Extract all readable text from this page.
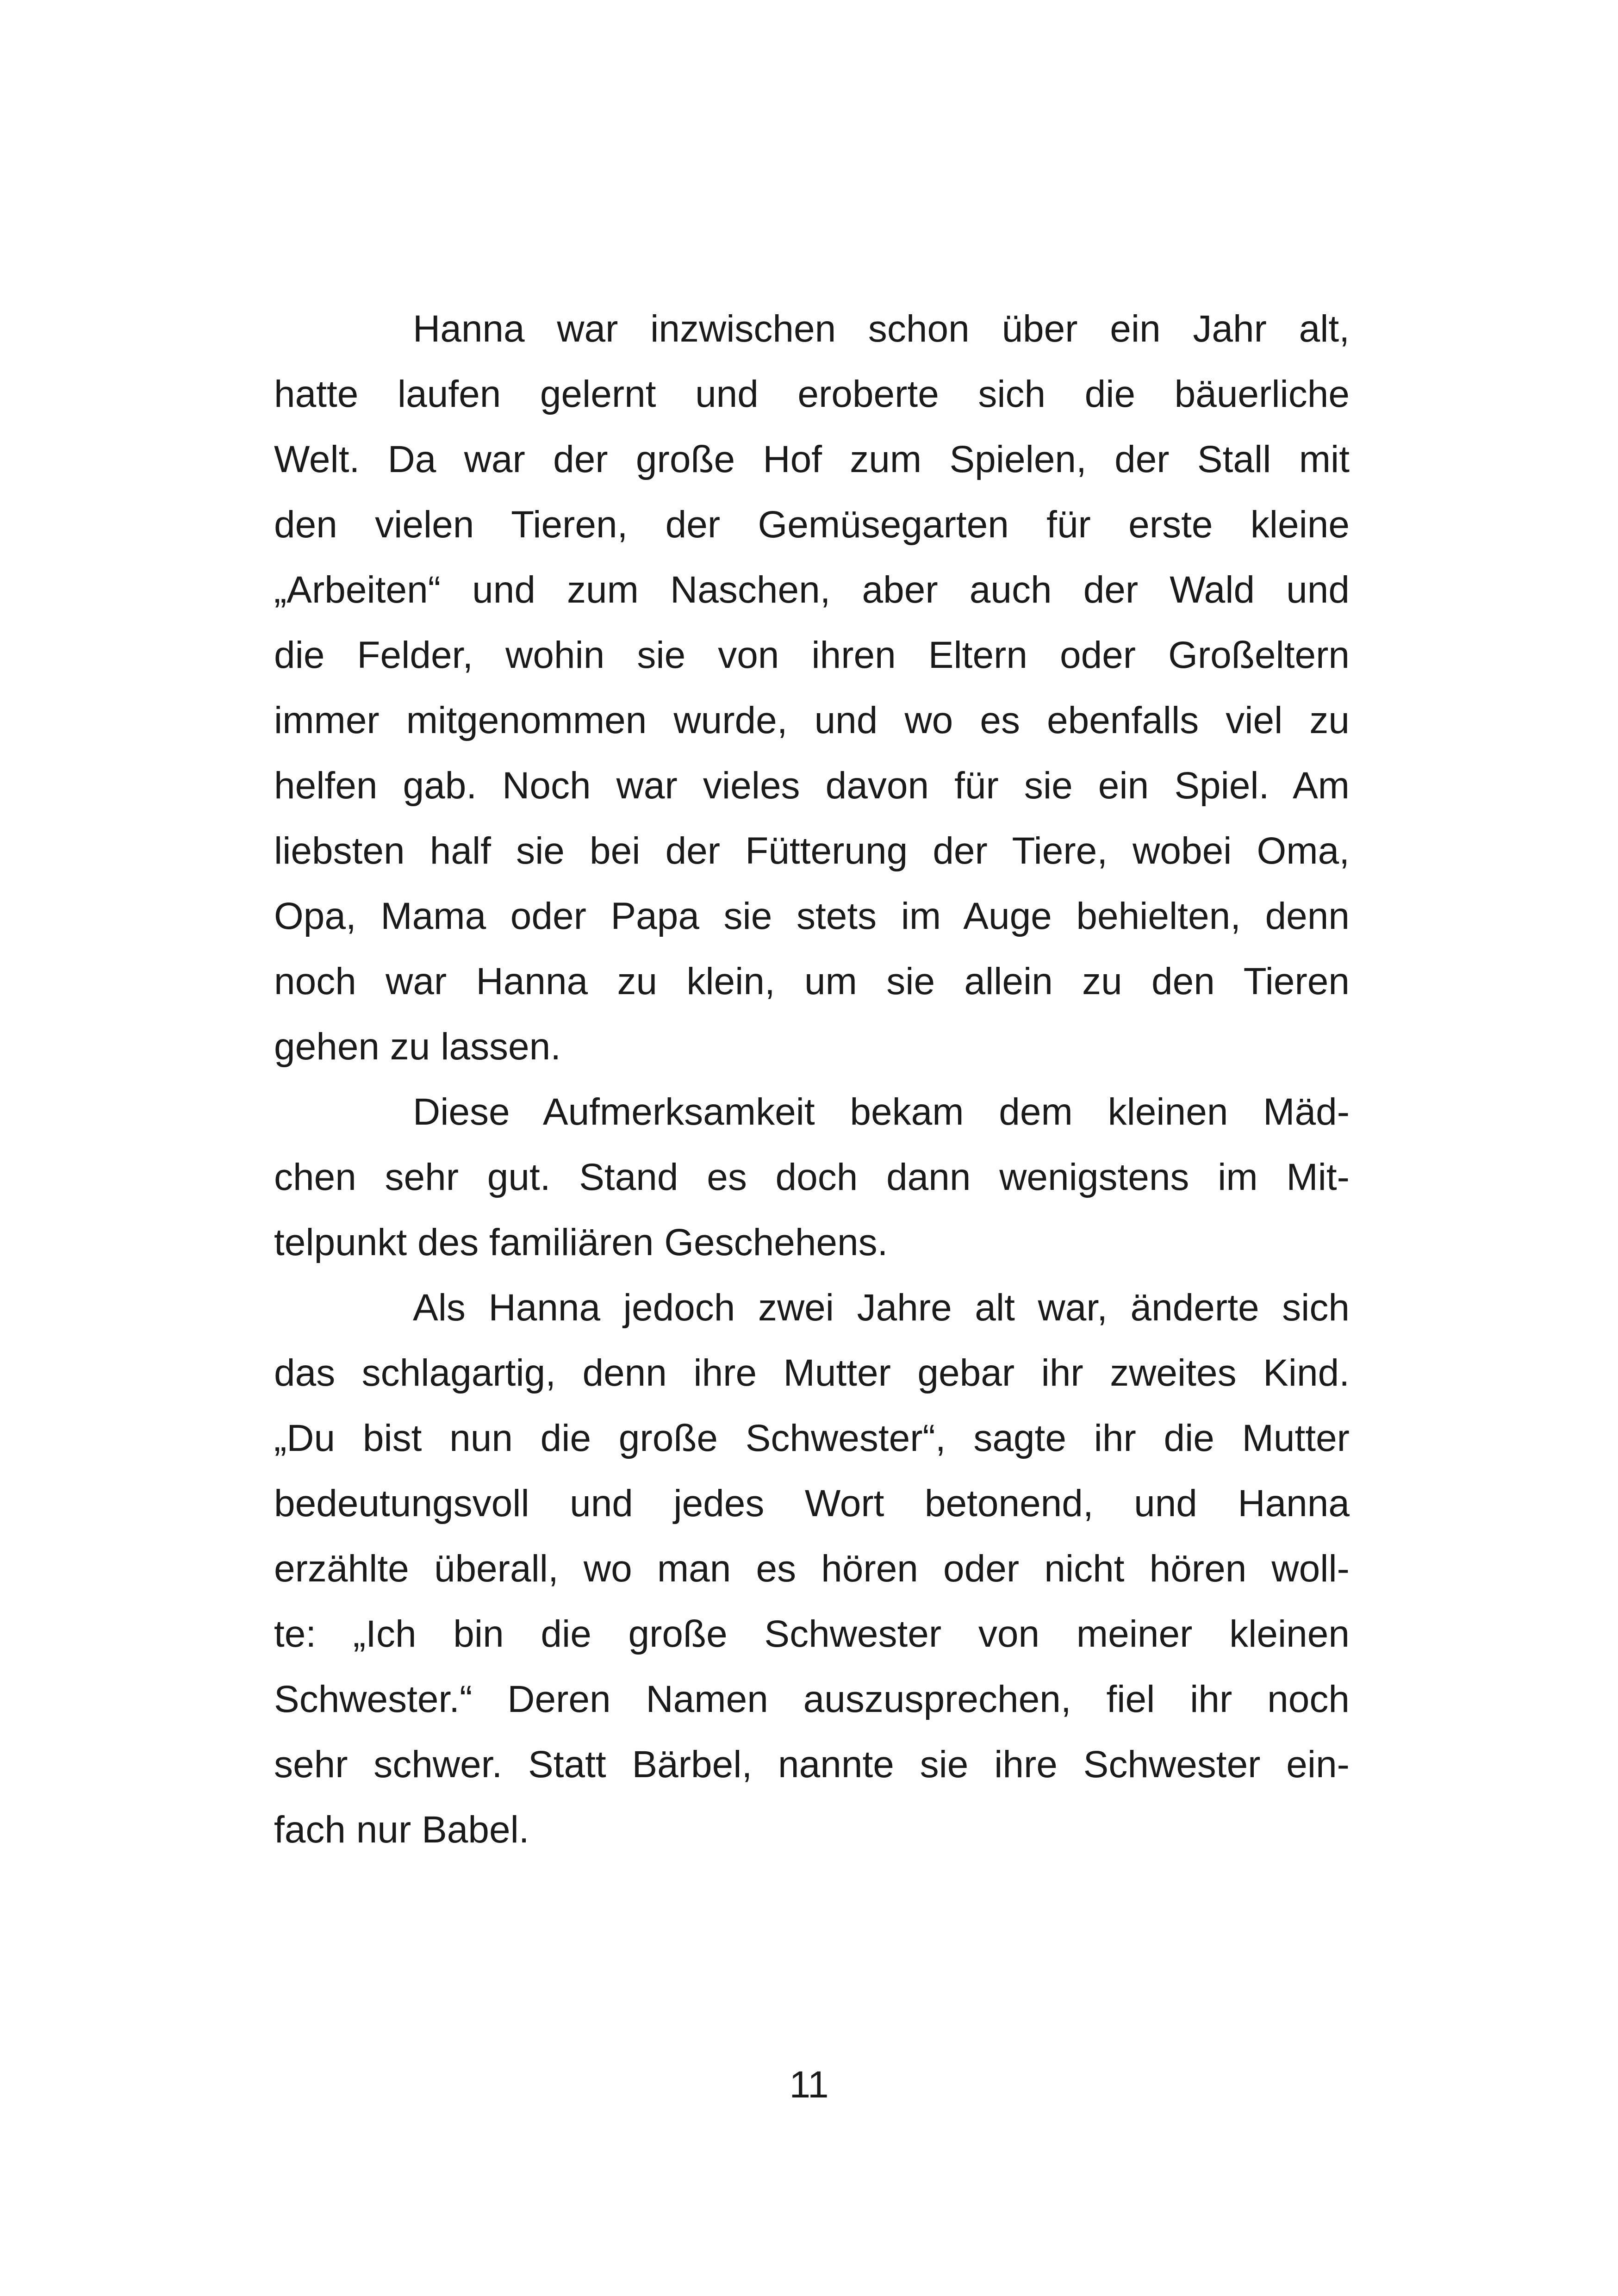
Hanna war inzwischen schon über ein Jahr alt,
hatte laufen gelernt und eroberte sich die bäuerliche
Welt. Da war der große Hof zum Spielen, der Stall mit
den vielen Tieren, der Gemüsegarten für erste kleine
„Arbeiten“ und zum Naschen, aber auch der Wald und
die Felder, wohin sie von ihren Eltern oder Großeltern
immer mitgenommen wurde, und wo es ebenfalls viel zu
helfen gab. Noch war vieles davon für sie ein Spiel. Am
liebsten half sie bei der Fütterung der Tiere, wobei Oma,
Opa, Mama oder Papa sie stets im Auge behielten, denn
noch war Hanna zu klein, um sie allein zu den Tieren
gehen zu lassen.
Diese Aufmerksamkeit bekam dem kleinen Mäd-
chen sehr gut. Stand es doch dann wenigstens im Mit-
telpunkt des familiären Geschehens.
Als Hanna jedoch zwei Jahre alt war, änderte sich
das schlagartig, denn ihre Mutter gebar ihr zweites Kind.
„Du bist nun die große Schwester“, sagte ihr die Mutter
bedeutungsvoll und jedes Wort betonend, und Hanna
erzählte überall, wo man es hören oder nicht hören woll-
te: „Ich bin die große Schwester von meiner kleinen
Schwester.“ Deren Namen auszusprechen, fiel ihr noch
sehr schwer. Statt Bärbel, nannte sie ihre Schwester ein-
fach nur Babel.
11
